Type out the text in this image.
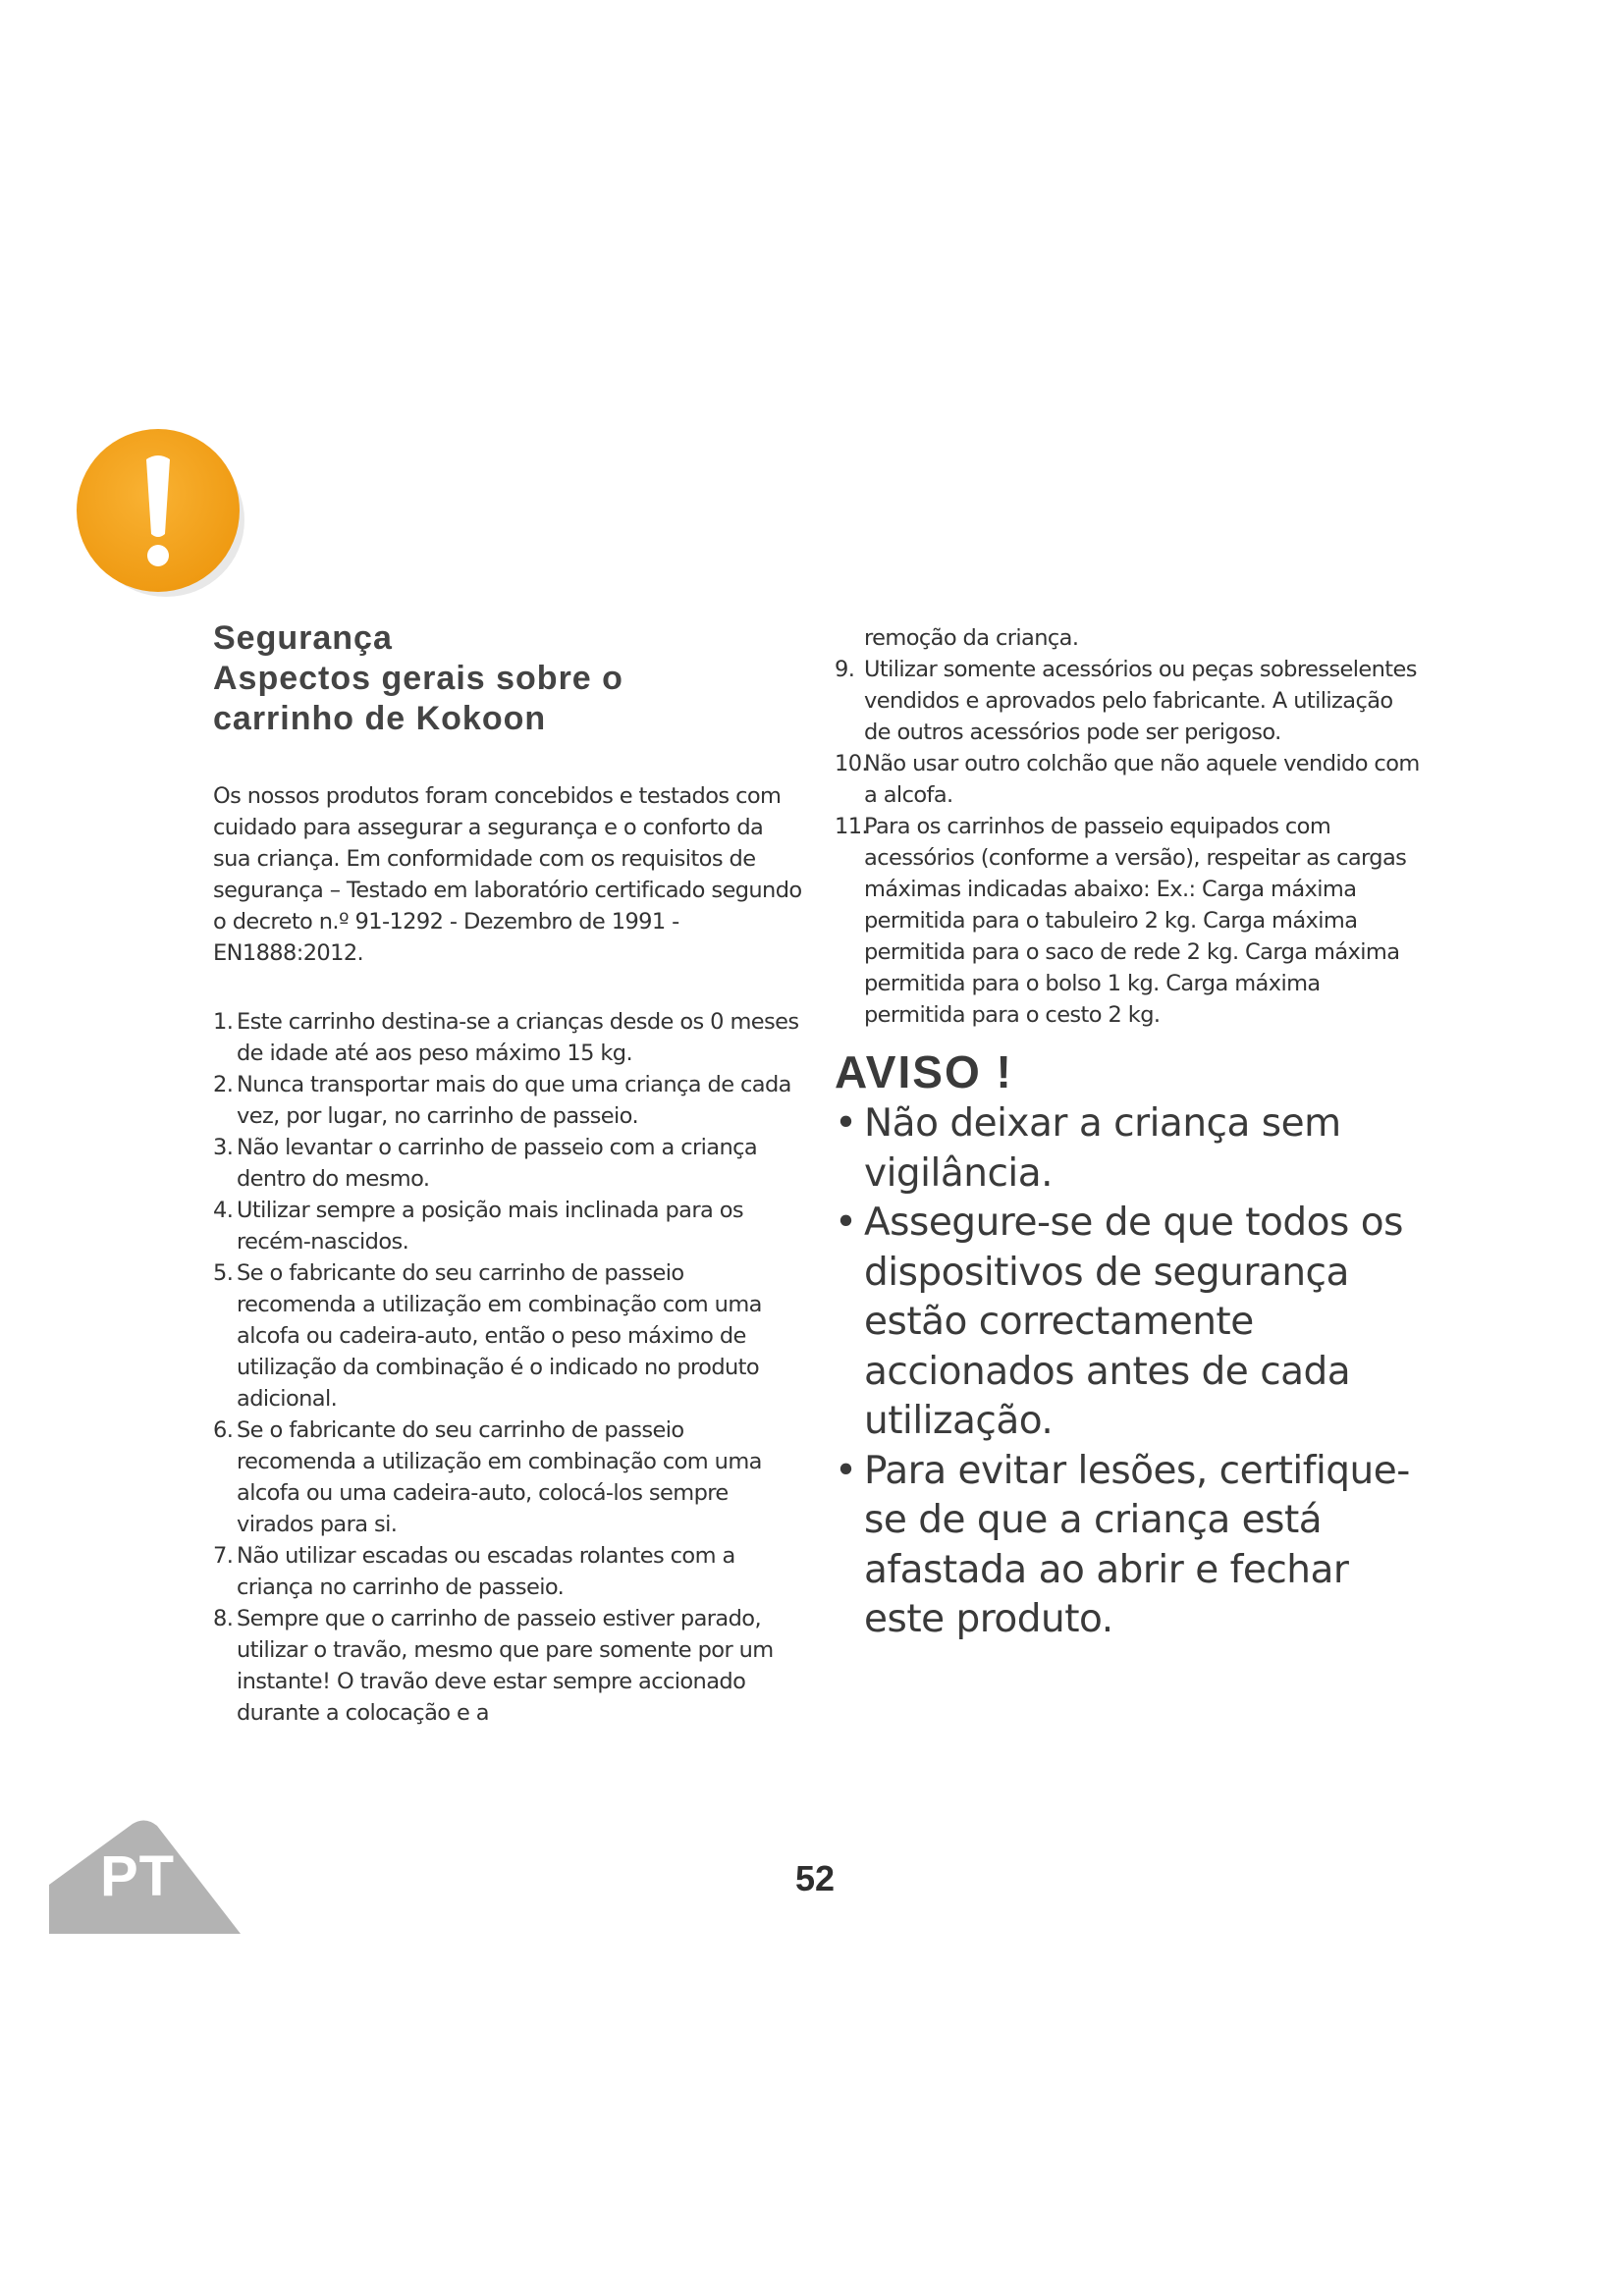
Segurança
Aspectos gerais sobre o
carrinho de Kokoon

Os nossos produtos foram concebidos e testados com cuidado para assegurar a segurança e o conforto da sua criança. Em conformidade com os requisitos de segurança – Testado em laboratório certificado segundo o decreto n.º 91-1292 - Dezembro de 1991 - EN1888:2012.

1. Este carrinho destina-se a crianças desde os 0 meses de idade até aos peso máximo 15 kg.
2. Nunca transportar mais do que uma criança de cada vez, por lugar, no carrinho de passeio.
3. Não levantar o carrinho de passeio com a criança dentro do mesmo.
4. Utilizar sempre a posição mais inclinada para os recém-nascidos.
5. Se o fabricante do seu carrinho de passeio recomenda a utilização em combinação com uma alcofa ou cadeira-auto, então o peso máximo de utilização da combinação é o indicado no produto adicional.
6. Se o fabricante do seu carrinho de passeio recomenda a utilização em combinação com uma alcofa ou uma cadeira-auto, colocá-los sempre virados para si.
7. Não utilizar escadas ou escadas rolantes com a criança no carrinho de passeio.
8. Sempre que o carrinho de passeio estiver parado, utilizar o travão, mesmo que pare somente por um instante! O travão deve estar sempre accionado durante a colocação e a
remoção da criança.
9. Utilizar somente acessórios ou peças sobresselentes vendidos e aprovados pelo fabricante. A utilização de outros acessórios pode ser perigoso.
10.
Não usar outro colchão que não aquele vendido com a alcofa.
11.
Para os carrinhos de passeio equipados com acessórios (conforme a versão), respeitar as cargas máximas indicadas abaixo: Ex.: Carga máxima permitida para o tabuleiro 2 kg. Carga máxima permitida para o saco de rede 2 kg. Carga máxima permitida para o bolso 1 kg. Carga máxima permitida para o cesto 2 kg.
AVISO !
• Não deixar a criança sem vigilância.
• Assegure-se de que todos os dispositivos de segurança estão correctamente accionados antes de cada utilização.
• Para evitar lesões, certifique-se de que a criança está afastada ao abrir e fechar este produto.
PT	52
